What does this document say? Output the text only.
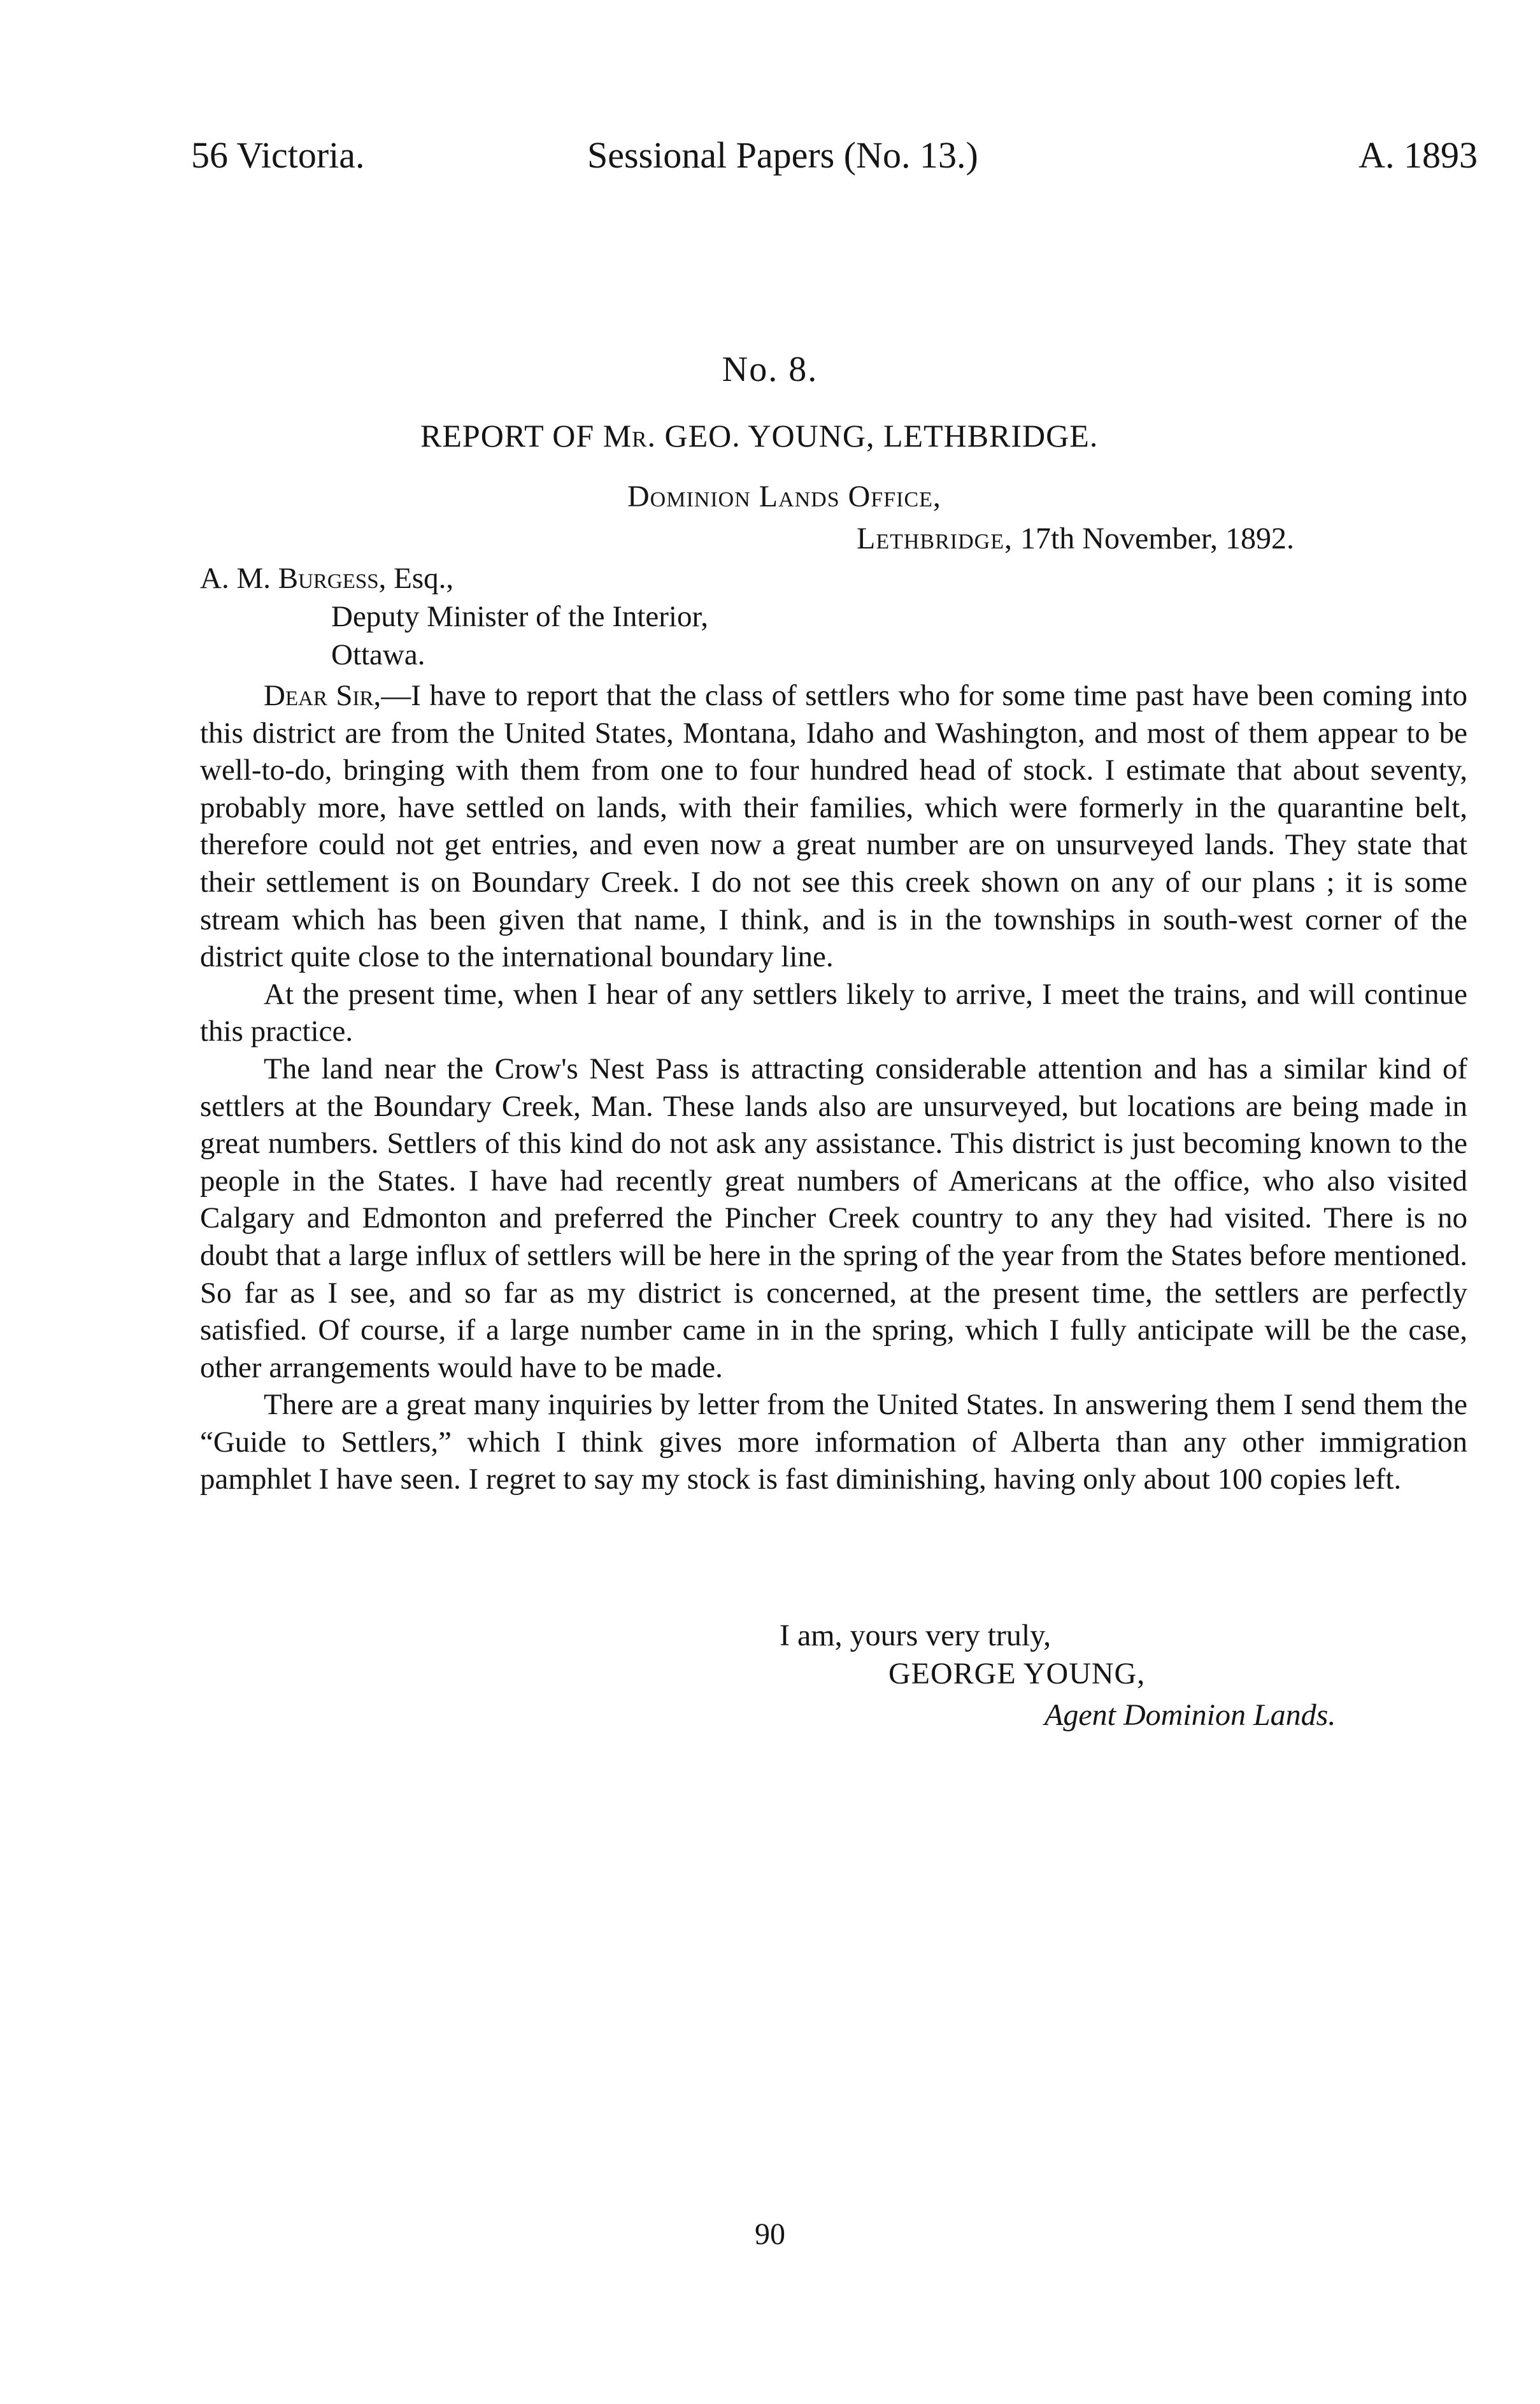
56 Victoria.	Sessional Papers (No. 13.)	A. 1893
No. 8.
REPORT OF Mr. GEO. YOUNG, LETHBRIDGE.
Dominion Lands Office,
Lethbridge, 17th November, 1892.
A. M. Burgess, Esq.,
Deputy Minister of the Interior,
Ottawa.

Dear Sir,—I have to report that the class of settlers who for some time past have been coming into this district are from the United States, Montana, Idaho and Washington, and most of them appear to be well-to-do, bringing with them from one to four hundred head of stock. I estimate that about seventy, probably more, have settled on lands, with their families, which were formerly in the quarantine belt, therefore could not get entries, and even now a great number are on unsurveyed lands. They state that their settlement is on Boundary Creek. I do not see this creek shown on any of our plans ; it is some stream which has been given that name, I think, and is in the townships in south-west corner of the district quite close to the international boundary line.

At the present time, when I hear of any settlers likely to arrive, I meet the trains, and will continue this practice.

The land near the Crow's Nest Pass is attracting considerable attention and has a similar kind of settlers at the Boundary Creek, Man. These lands also are unsurveyed, but locations are being made in great numbers. Settlers of this kind do not ask any assistance. This district is just becoming known to the people in the States. I have had recently great numbers of Americans at the office, who also visited Calgary and Edmonton and preferred the Pincher Creek country to any they had visited. There is no doubt that a large influx of settlers will be here in the spring of the year from the States before mentioned. So far as I see, and so far as my district is concerned, at the present time, the settlers are perfectly satisfied. Of course, if a large number came in in the spring, which I fully anticipate will be the case, other arrangements would have to be made.

There are a great many inquiries by letter from the United States. In answering them I send them the “Guide to Settlers,” which I think gives more information of Alberta than any other immigration pamphlet I have seen. I regret to say my stock is fast diminishing, having only about 100 copies left.

I am, yours very truly,
GEORGE YOUNG,
Agent Dominion Lands.
90
